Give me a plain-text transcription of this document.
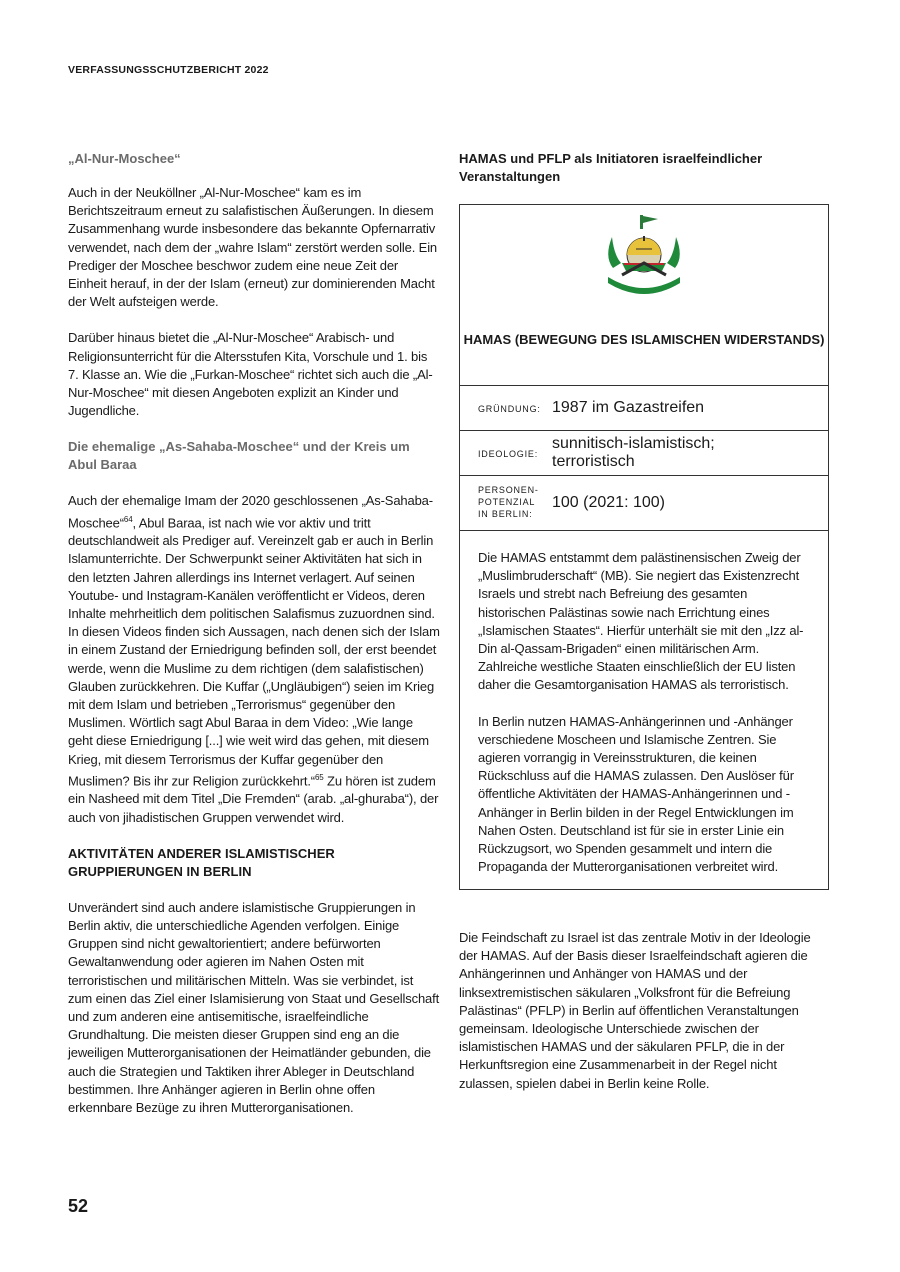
VERFASSUNGSSCHUTZBERICHT 2022

„Al-Nur-Moschee“

Auch in der Neuköllner „Al-Nur-Moschee“ kam es im Berichtszeitraum erneut zu salafistischen Äußerungen. In diesem Zusammenhang wurde insbesondere das bekannte Opfernarrativ verwendet, nach dem der „wahre Islam“ zerstört werden solle. Ein Prediger der Moschee beschwor zudem eine neue Zeit der Einheit herauf, in der der Islam (erneut) zur dominierenden Macht der Welt aufsteigen werde.

Darüber hinaus bietet die „Al-Nur-Moschee“ Arabisch- und Religionsunterricht für die Altersstufen Kita, Vorschule und 1. bis 7. Klasse an. Wie die „Furkan-Moschee“ richtet sich auch die „Al-Nur-Moschee“ mit diesen Angeboten explizit an Kinder und Jugendliche.

Die ehemalige „As-Sahaba-Moschee“ und der Kreis um Abul Baraa

Auch der ehemalige Imam der 2020 geschlossenen „As-Sahaba-Moschee“$^{64}$, Abul Baraa, ist nach wie vor aktiv und tritt deutschlandweit als Prediger auf. Vereinzelt gab er auch in Berlin Islamunterrichte. Der Schwerpunkt seiner Aktivitäten hat sich in den letzten Jahren allerdings ins Internet verlagert. Auf seinen Youtube- und Instagram-Kanälen veröffentlicht er Videos, deren Inhalte mehrheitlich dem politischen Salafismus zuzuordnen sind. In diesen Videos finden sich Aussagen, nach denen sich der Islam in einem Zustand der Erniedrigung befinden soll, der erst beendet werde, wenn die Muslime zu dem richtigen (dem salafistischen) Glauben zurückkehren. Die Kuffar („Ungläubigen“) seien im Krieg mit dem Islam und betrieben „Terrorismus“ gegenüber den Muslimen. Wörtlich sagt Abul Baraa in dem Video: „Wie lange geht diese Erniedrigung [...] wie weit wird das gehen, mit diesem Krieg, mit diesem Terrorismus der Kuffar gegenüber den Muslimen? Bis ihr zur Religion zurückkehrt.“$^{65}$ Zu hören ist zudem ein Nasheed mit dem Titel „Die Fremden“ (arab. „al-ghuraba“), der auch von jihadistischen Gruppen verwendet wird.

AKTIVITÄTEN ANDERER ISLAMISTISCHER GRUPPIERUNGEN IN BERLIN

Unverändert sind auch andere islamistische Gruppierungen in Berlin aktiv, die unterschiedliche Agenden verfolgen. Einige Gruppen sind nicht gewaltorientiert; andere befürworten Gewaltanwendung oder agieren im Nahen Osten mit terroristischen und militärischen Mitteln. Was sie verbindet, ist zum einen das Ziel einer Islamisierung von Staat und Gesellschaft und zum anderen eine antisemitische, israelfeindliche Grundhaltung. Die meisten dieser Gruppen sind eng an die jeweiligen Mutterorganisationen der Heimatländer gebunden, die auch die Strategien und Taktiken ihrer Ableger in Deutschland bestimmen. Ihre Anhänger agieren in Berlin ohne offen erkennbare Bezüge zu ihren Mutterorganisationen.

HAMAS und PFLP als Initiatoren israelfeindlicher Veranstaltungen

HAMAS (BEWEGUNG DES ISLAMISCHEN WIDERSTANDS)
GRÜNDUNG: 1987 im Gazastreifen
IDEOLOGIE:
sunnitisch-islamistisch; terroristisch
PERSONEN-POTENZIAL IN BERLIN:
100 (2021: 100)

Die HAMAS entstammt dem palästinensischen Zweig der „Muslimbruderschaft“ (MB). Sie negiert das Existenzrecht Israels und strebt nach Befreiung des gesamten historischen Palästinas sowie nach Errichtung eines „Islamischen Staates“. Hierfür unterhält sie mit den „Izz al-Din al-Qassam-Brigaden“ einen militärischen Arm. Zahlreiche westliche Staaten einschließlich der EU listen daher die Gesamtorganisation HAMAS als terroristisch.

In Berlin nutzen HAMAS-Anhängerinnen und -Anhänger verschiedene Moscheen und Islamische Zentren. Sie agieren vorrangig in Vereinsstrukturen, die keinen Rückschluss auf die HAMAS zulassen. Den Auslöser für öffentliche Aktivitäten der HAMAS-Anhängerinnen und -Anhänger in Berlin bilden in der Regel Entwicklungen im Nahen Osten. Deutschland ist für sie in erster Linie ein Rückzugsort, wo Spenden gesammelt und intern die Propaganda der Mutterorganisationen verbreitet wird.

Die Feindschaft zu Israel ist das zentrale Motiv in der Ideologie der HAMAS. Auf der Basis dieser Israelfeindschaft agieren die Anhängerinnen und Anhänger von HAMAS und der linksextremistischen säkularen „Volksfront für die Befreiung Palästinas“ (PFLP) in Berlin auf öffentlichen Veranstaltungen gemeinsam. Ideologische Unterschiede zwischen der islamistischen HAMAS und der säkularen PFLP, die in der Herkunftsregion eine Zusammenarbeit in der Regel nicht zulassen, spielen dabei in Berlin keine Rolle.

52
